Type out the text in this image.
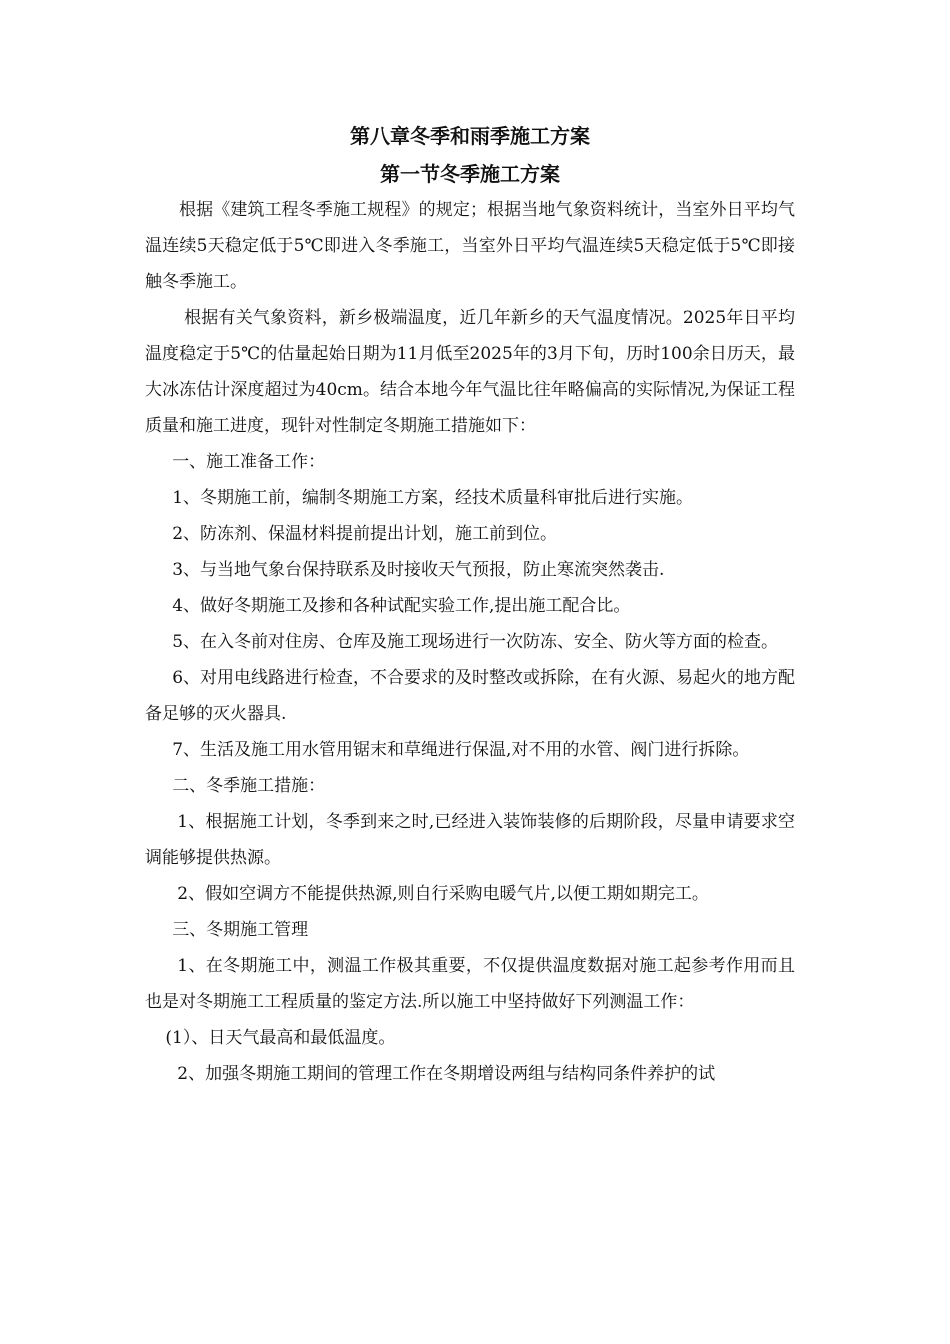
第八章冬季和雨季施工方案
第一节冬季施工方案

根据《建筑工程冬季施工规程》的规定；根据当地气象资料统计，当室外日平均气温连续5天稳定低于5℃即进入冬季施工，当室外日平均气温连续5天稳定低于5℃即接触冬季施工。

根据有关气象资料，新乡极端温度，近几年新乡的天气温度情况。2025年日平均温度稳定于5℃的估量起始日期为11月低至2025年的3月下旬，历时100余日历天，最大冰冻估计深度超过为40cm。结合本地今年气温比往年略偏高的实际情况,为保证工程质量和施工进度，现针对性制定冬期施工措施如下：

一、施工准备工作：

1、冬期施工前，编制冬期施工方案，经技术质量科审批后进行实施。

2、防冻剂、保温材料提前提出计划，施工前到位。

3、与当地气象台保持联系及时接收天气预报，防止寒流突然袭击.

4、做好冬期施工及掺和各种试配实验工作,提出施工配合比。

5、在入冬前对住房、仓库及施工现场进行一次防冻、安全、防火等方面的检查。

6、对用电线路进行检查，不合要求的及时整改或拆除，在有火源、易起火的地方配备足够的灭火器具.

7、生活及施工用水管用锯末和草绳进行保温,对不用的水管、阀门进行拆除。

二、冬季施工措施：

1、根据施工计划，冬季到来之时,已经进入装饰装修的后期阶段，尽量申请要求空调能够提供热源。

2、假如空调方不能提供热源,则自行采购电暖气片,以便工期如期完工。

三、冬期施工管理

1、在冬期施工中，测温工作极其重要，不仅提供温度数据对施工起参考作用而且也是对冬期施工工程质量的鉴定方法.所以施工中坚持做好下列测温工作：

(1）、日天气最高和最低温度。

2、加强冬期施工期间的管理工作在冬期增设两组与结构同条件养护的试
